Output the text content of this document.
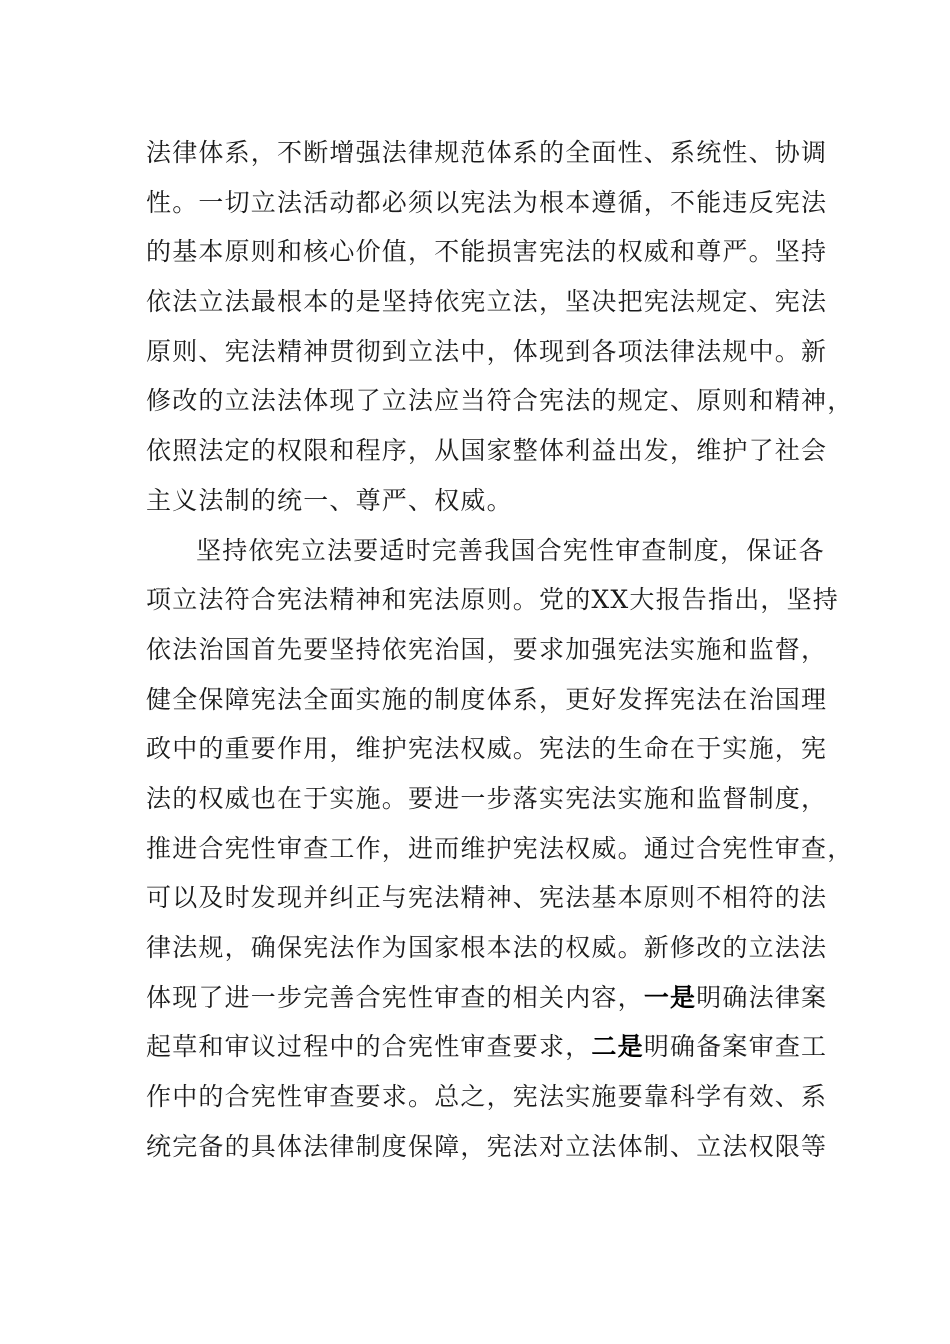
法律体系，不断增强法律规范体系的全面性、系统性、协调
性。一切立法活动都必须以宪法为根本遵循，不能违反宪法
的基本原则和核心价值，不能损害宪法的权威和尊严。坚持
依法立法最根本的是坚持依宪立法，坚决把宪法规定、宪法
原则、宪法精神贯彻到立法中，体现到各项法律法规中。新
修改的立法法体现了立法应当符合宪法的规定、原则和精神，
依照法定的权限和程序，从国家整体利益出发，维护了社会
主义法制的统一、尊严、权威。
坚持依宪立法要适时完善我国合宪性审查制度，保证各
项立法符合宪法精神和宪法原则。党的XX大报告指出，坚持
依法治国首先要坚持依宪治国，要求加强宪法实施和监督，
健全保障宪法全面实施的制度体系，更好发挥宪法在治国理
政中的重要作用，维护宪法权威。宪法的生命在于实施，宪
法的权威也在于实施。要进一步落实宪法实施和监督制度，
推进合宪性审查工作，进而维护宪法权威。通过合宪性审查，
可以及时发现并纠正与宪法精神、宪法基本原则不相符的法
律法规，确保宪法作为国家根本法的权威。新修改的立法法
体现了进一步完善合宪性审查的相关内容，一是明确法律案
起草和审议过程中的合宪性审查要求，二是明确备案审查工
作中的合宪性审查要求。总之，宪法实施要靠科学有效、系
统完备的具体法律制度保障，宪法对立法体制、立法权限等
